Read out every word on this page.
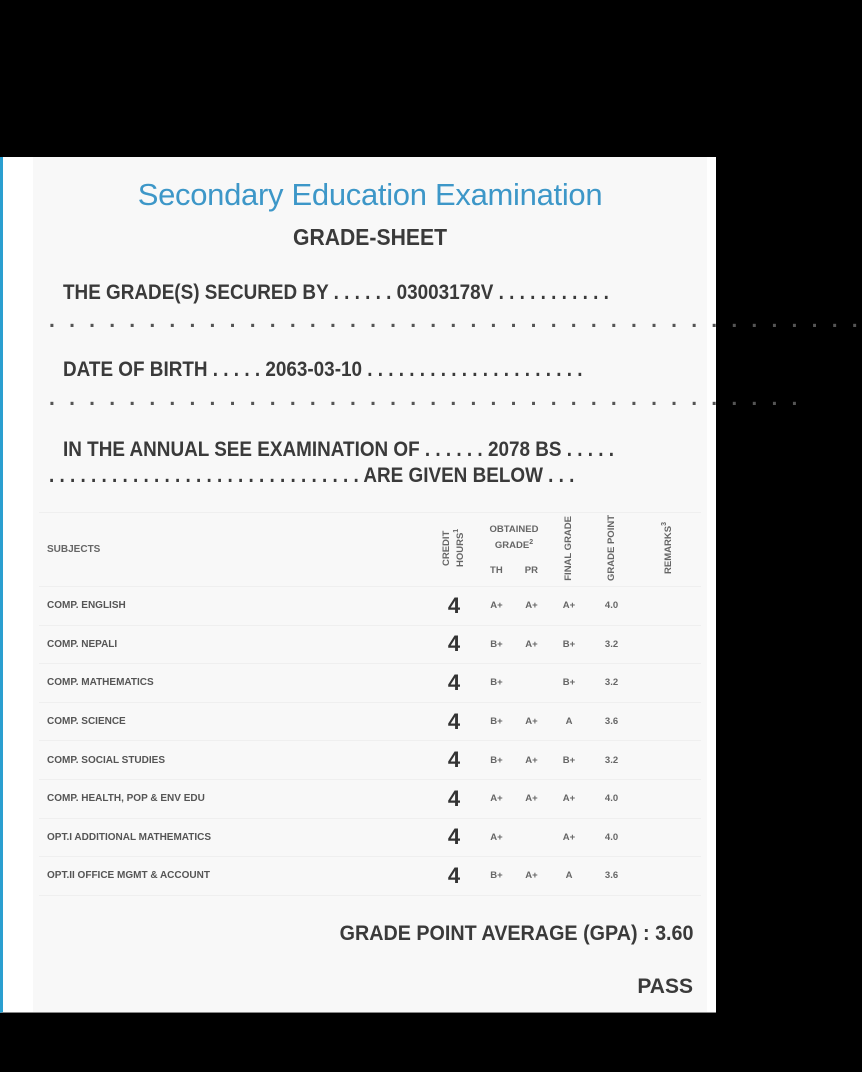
Secondary Education Examination
GRADE-SHEET
THE GRADE(S) SECURED BY . . . . . . 03003178V . . . . . . . . . . .
. . . . . . . . . . . . . . . . . . . . . . . . . . . . . . . . . . . . . . . . .
DATE OF BIRTH . . . . . 2063-03-10 . . . . . . . . . . . . . . . . . . . . .
. . . . . . . . . . . . . . . . . . . . . . . . . . . . . . . . . . . . . .
IN THE ANNUAL SEE EXAMINATION OF . . . . . . 2078 BS . . . . .
. . . . . . . . . . . . . . . . . . . . . . . . . . . . . . ARE GIVEN BELOW . . .
SUBJECTS	CREDIT HOURS$^1$	OBTAINED GRADE$^2$
TH PR		FINAL GRADE	GRADE POINT	REMARKS$^3$
COMP. ENGLISH	4	A+	A+	A+	4.0	
COMP. NEPALI	4	B+	A+	B+	3.2	
COMP. MATHEMATICS	4	B+		B+	3.2	
COMP. SCIENCE	4	B+	A+	A	3.6	
COMP. SOCIAL STUDIES	4	B+	A+	B+	3.2	
COMP. HEALTH, POP & ENV EDU	4	A+	A+	A+	4.0	
OPT.I ADDITIONAL MATHEMATICS	4	A+		A+	4.0	
OPT.II OFFICE MGMT & ACCOUNT	4	B+	A+	A	3.6	
GRADE POINT AVERAGE (GPA) : 3.60
PASS
